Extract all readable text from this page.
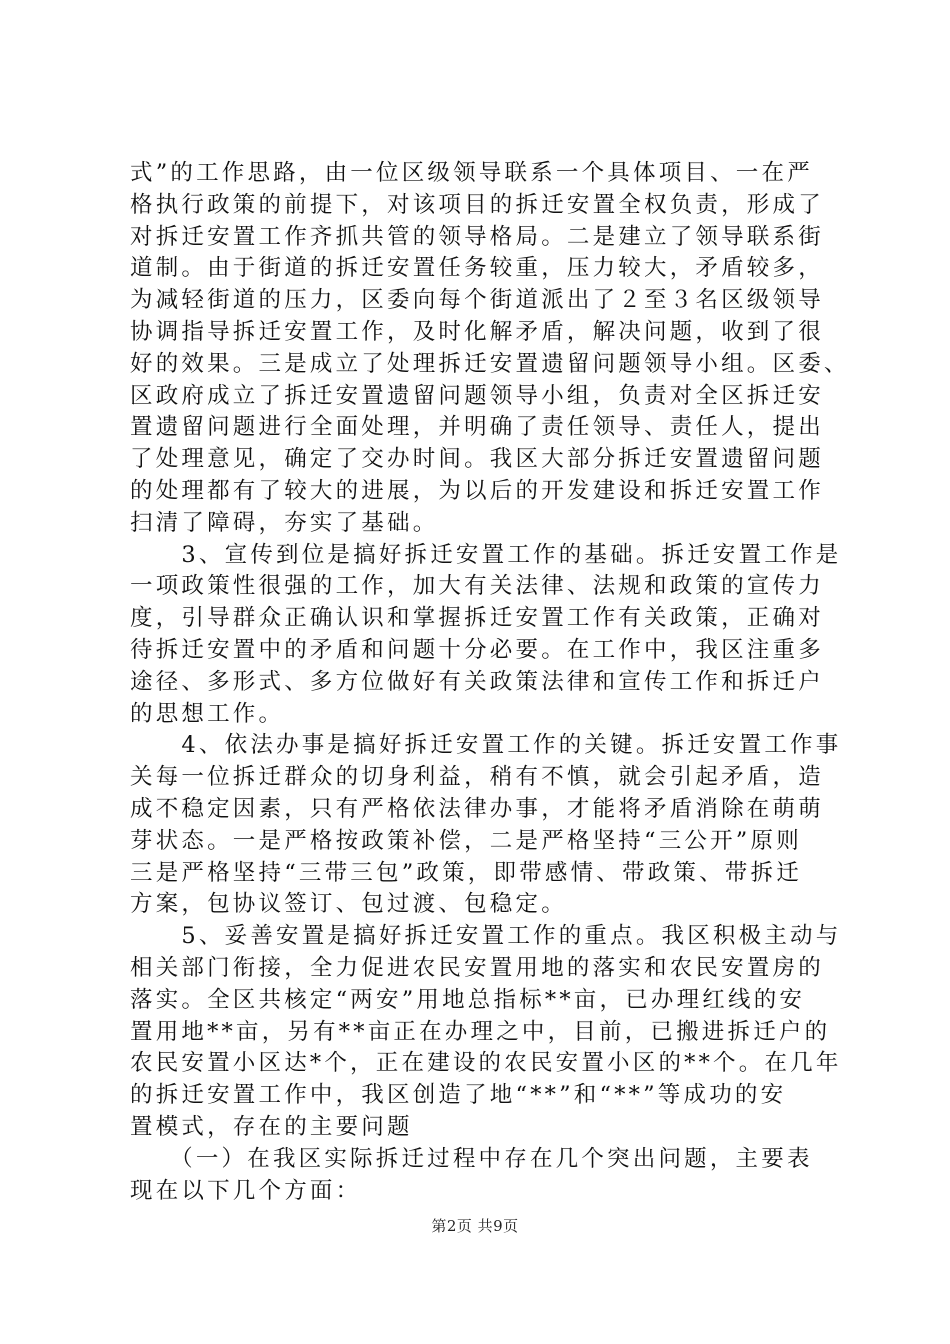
式”的工作思路，由一位区级领导联系一个具体项目、一在严
格执行政策的前提下，对该项目的拆迁安置全权负责，形成了
对拆迁安置工作齐抓共管的领导格局。二是建立了领导联系街
道制。由于街道的拆迁安置任务较重，压力较大，矛盾较多，
为减轻街道的压力，区委向每个街道派出了２至３名区级领导
协调指导拆迁安置工作，及时化解矛盾，解决问题，收到了很
好的效果。三是成立了处理拆迁安置遗留问题领导小组。区委、
区政府成立了拆迁安置遗留问题领导小组，负责对全区拆迁安
置遗留问题进行全面处理，并明确了责任领导、责任人，提出
了处理意见，确定了交办时间。我区大部分拆迁安置遗留问题
的处理都有了较大的进展，为以后的开发建设和拆迁安置工作
扫清了障碍，夯实了基础。
　　3、宣传到位是搞好拆迁安置工作的基础。拆迁安置工作是
一项政策性很强的工作，加大有关法律、法规和政策的宣传力
度，引导群众正确认识和掌握拆迁安置工作有关政策，正确对
待拆迁安置中的矛盾和问题十分必要。在工作中，我区注重多
途径、多形式、多方位做好有关政策法律和宣传工作和拆迁户
的思想工作。
　　4、依法办事是搞好拆迁安置工作的关键。拆迁安置工作事
关每一位拆迁群众的切身利益，稍有不慎，就会引起矛盾，造
成不稳定因素，只有严格依法律办事，才能将矛盾消除在萌萌
芽状态。一是严格按政策补偿，二是严格坚持“三公开”原则
三是严格坚持“三带三包”政策，即带感情、带政策、带拆迁
方案，包协议签订、包过渡、包稳定。
　　5、妥善安置是搞好拆迁安置工作的重点。我区积极主动与
相关部门衔接，全力促进农民安置用地的落实和农民安置房的
落实。全区共核定“两安”用地总指标**亩，已办理红线的安
置用地**亩，另有**亩正在办理之中，目前，已搬进拆迁户的
农民安置小区达*个，正在建设的农民安置小区的**个。在几年
的拆迁安置工作中，我区创造了地“**”和“**”等成功的安
置模式，存在的主要问题
　　（一）在我区实际拆迁过程中存在几个突出问题，主要表
现在以下几个方面：
第2页 共9页
